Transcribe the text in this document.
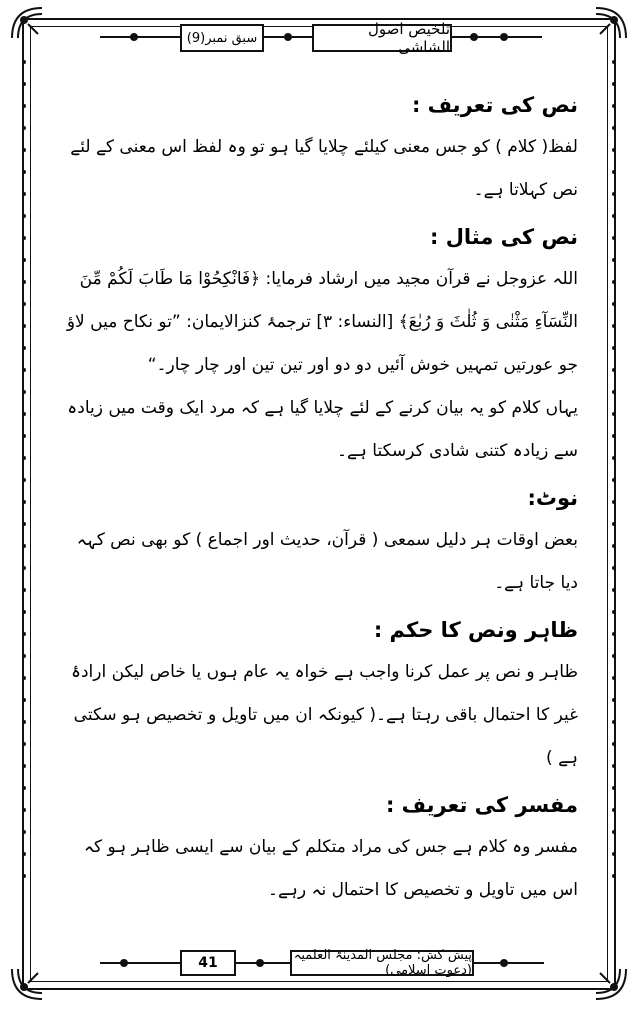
تلخیص اصول الشاشی
سبق نمبر(9)
نص کی تعریف :

لفظ( کلام ) کو جس معنی کیلئے چلایا گیا ہو تو وہ لفظ اس معنی کے لئے نص کہلاتا ہے۔

نص کی مثال :

اللہ عزوجل نے قرآن مجید میں ارشاد فرمایا: ﴿فَانْكِحُوْا مَا طَابَ لَكُمْ مِّنَ النِّسَآءِ مَثْنٰى وَ ثُلٰثَ وَ رُبٰعَ﴾ [النساء: ۳] ترجمۂ کنزالایمان: ”تو نکاح میں لاؤ جو عورتیں تمہیں خوش آئیں دو دو اور تین تین اور چار چار۔“

یہاں کلام کو یہ بیان کرنے کے لئے چلایا گیا ہے کہ مرد ایک وقت میں زیادہ سے زیادہ کتنی شادی کرسکتا ہے۔

نوٹ:

بعض اوقات ہر دلیل سمعی ( قرآن، حدیث اور اجماع ) کو بھی نص کہہ دیا جاتا ہے۔

ظاہر ونص کا حکم :

ظاہر و نص پر عمل کرنا واجب ہے خواہ یہ عام ہوں یا خاص لیکن ارادۂ غیر کا احتمال باقی رہتا ہے۔( کیونکہ ان میں تاویل و تخصیص ہو سکتی ہے )

مفسر کی تعریف :

مفسر وہ کلام ہے جس کی مراد متکلم کے بیان سے ایسی ظاہر ہو کہ اس میں تاویل و تخصیص کا احتمال نہ رہے۔

41	پیش کش: مجلس المدینۃ العلمیہ (دعوت اسلامی)
